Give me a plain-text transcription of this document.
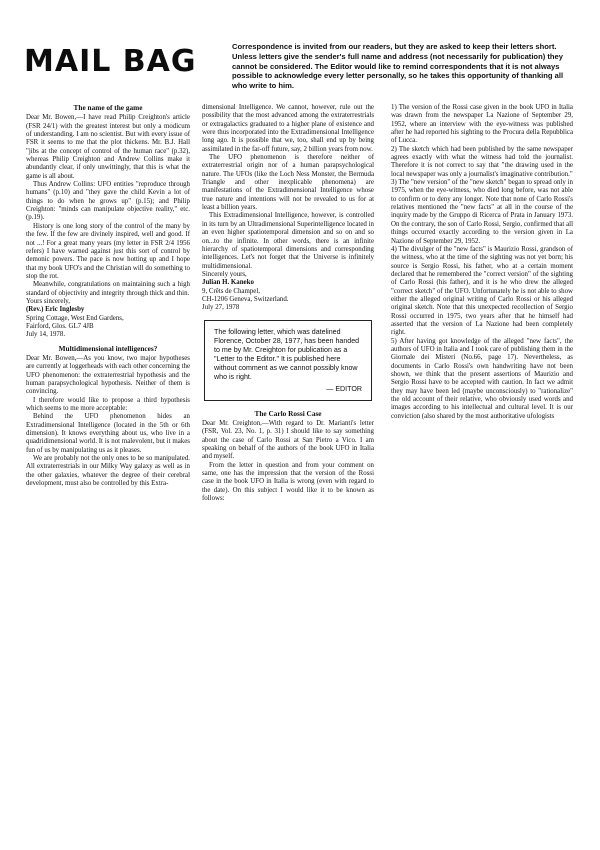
MAIL BAG	Correspondence is invited from our readers, but they are asked to keep their letters short. Unless letters give the sender's full name and address (not necessarily for publication) they cannot be considered. The Editor would like to remind correspondents that it is not always possible to acknowledge every letter personally, so he takes this opportunity of thanking all who write to him.

The name of the game

Dear Mr. Bowen,—I have read Philip Creighton's article (FSR 24/1) with the greatest interest but only a modicum of understanding. I am no scientist. But with every issue of FSR it seems to me that the plot thickens. Mr. B.J. Hall "jibs at the concept of control of the human race" (p.32), whereas Philip Creighton and Andrew Collins make it abundantly clear, if only unwittingly, that this is what the game is all about.

Thus Andrew Collins: UFO entities "reproduce through humans" (p.10) and "they gave the child Kevin a lot of things to do when he grows up" (p.15); and Philip Creighton: "minds can manipulate objective reality," etc. (p.19).

History is one long story of the control of the many by the few. If the few are divinely inspired, well and good. If not ...! For a great many years (my letter in FSR 2/4 1956 refers) I have warned against just this sort of control by demonic powers. The pace is now hotting up and I hope that my book UFO's and the Christian will do something to stop the rot.

Meanwhile, congratulations on maintaining such a high standard of objectivity and integrity through thick and thin.

Yours sincerely,

(Rev.) Eric Inglesby

Spring Cottage, West End Gardens,

Fairford, Glos. GL7 4JB

July 14, 1978.

Multidimensional intelligences?

Dear Mr. Bowen,—As you know, two major hypotheses are currently at loggerheads with each other concerning the UFO phenomenon: the extraterrestrial hypothesis and the human parapsychological hypothesis. Neither of them is convincing.

I therefore would like to propose a third hypothesis which seems to me more acceptable:

Behind the UFO phenomenon hides an Extradimensional Intelligence (located in the 5th or 6th dimension). It knows everything about us, who live in a quadridimensional world. It is not malevolent, but it makes fun of us by manipulating us as it pleases.

We are probably not the only ones to be so manipulated. All extraterrestrials in our Milky Way galaxy as well as in the other galaxies, whatever the degree of their cerebral development, must also be controlled by this Extra-

dimensional Intelligence. We cannot, however, rule out the possibility that the most advanced among the extraterrestrials or extragalactics graduated to a higher plane of existence and were thus incorporated into the Extradimensional Intelligence long ago. It is possible that we, too, shall end up by being assimilated in the far-off future, say, 2 billion years from now.

The UFO phenomenon is therefore neither of extraterrestrial origin nor of a human parapsychological nature. The UFOs (like the Loch Ness Monster, the Bermuda Triangle and other inexplicable phenomena) are manifestations of the Extradimensional Intelligence whose true nature and intentions will not be revealed to us for at least a billion years.

This Extradimensional Intelligence, however, is controlled in its turn by an Ultradimensional Superintelligence located in an even higher spatiotemporal dimension and so on and so on...to the infinite. In other words, there is an infinite hierarchy of spatiotemporal dimensions and corresponding intelligences. Let's not forget that the Universe is infinitely multidimensional.

Sincerely yours,

Julian H. Kaneko

9, Crêts de Champel,

CH-1206 Geneva, Switzerland.

July 27, 1978

The following letter, which was datelined Florence, October 28, 1977, has been handed to me by Mr. Creighton for publication as a "Letter to the Editor." It is published here without comment as we cannot possibly know who is right.
— EDITOR

The Carlo Rossi Case

Dear Mr. Creighton,—With regard to Dr. Marianti's letter (FSR, Vol. 23, No. 1, p. 31) I should like to say something about the case of Carlo Rossi at San Pietro a Vico. I am speaking on behalf of the authors of the book UFO in Italia and myself.

From the letter in question and from your comment on same, one has the impression that the version of the Rossi case in the book UFO in Italia is wrong (even with regard to the date). On this subject I would like it to be known as follows:

1) The version of the Rossi case given in the book UFO in Italia was drawn from the newspaper La Nazione of September 29, 1952, where an interview with the eye-witness was published after he had reported his sighting to the Procura della Repubblica of Lucca.

2) The sketch which had been published by the same newspaper agrees exactly with what the witness had told the journalist. Therefore it is not correct to say that "the drawing used in the local newspaper was only a journalist's imaginative contribution."

3) The "new version" of the "new sketch" began to spread only in 1975, when the eye-witness, who died long before, was not able to confirm or to deny any longer. Note that none of Carlo Rossi's relatives mentioned the "new facts" at all in the course of the inquiry made by the Gruppo di Ricerca of Prata in January 1973. On the contrary, the son of Carlo Rossi, Sergio, confirmed that all things occurred exactly according to the version given in La Nazione of September 29, 1952.

4) The divulger of the "new facts" is Maurizio Rossi, grandson of the witness, who at the time of the sighting was not yet born; his source is Sergio Rossi, his father, who at a certain moment declared that he remembered the "correct version" of the sighting of Carlo Rossi (his father), and it is he who drew the alleged "correct sketch" of the UFO. Unfortunately he is not able to show either the alleged original writing of Carlo Rossi or his alleged original sketch. Note that this unexpected recollection of Sergio Rossi occurred in 1975, two years after that he himself had asserted that the version of La Nazione had been completely right.

5) After having got knowledge of the alleged "new facts", the authors of UFO in Italia and I took care of publishing them in the Giornale dei Misteri (No.66, page 17). Nevertheless, as documents in Carlo Rossi's own handwriting have not been shown, we think that the present assertions of Maurizio and Sergio Rossi have to be accepted with caution. In fact we admit they may have been led (maybe unconsciously) to "rationalize" the old account of their relative, who obviously used words and images according to his intellectual and cultural level. It is our conviction (also shared by the most authoritative ufologists
